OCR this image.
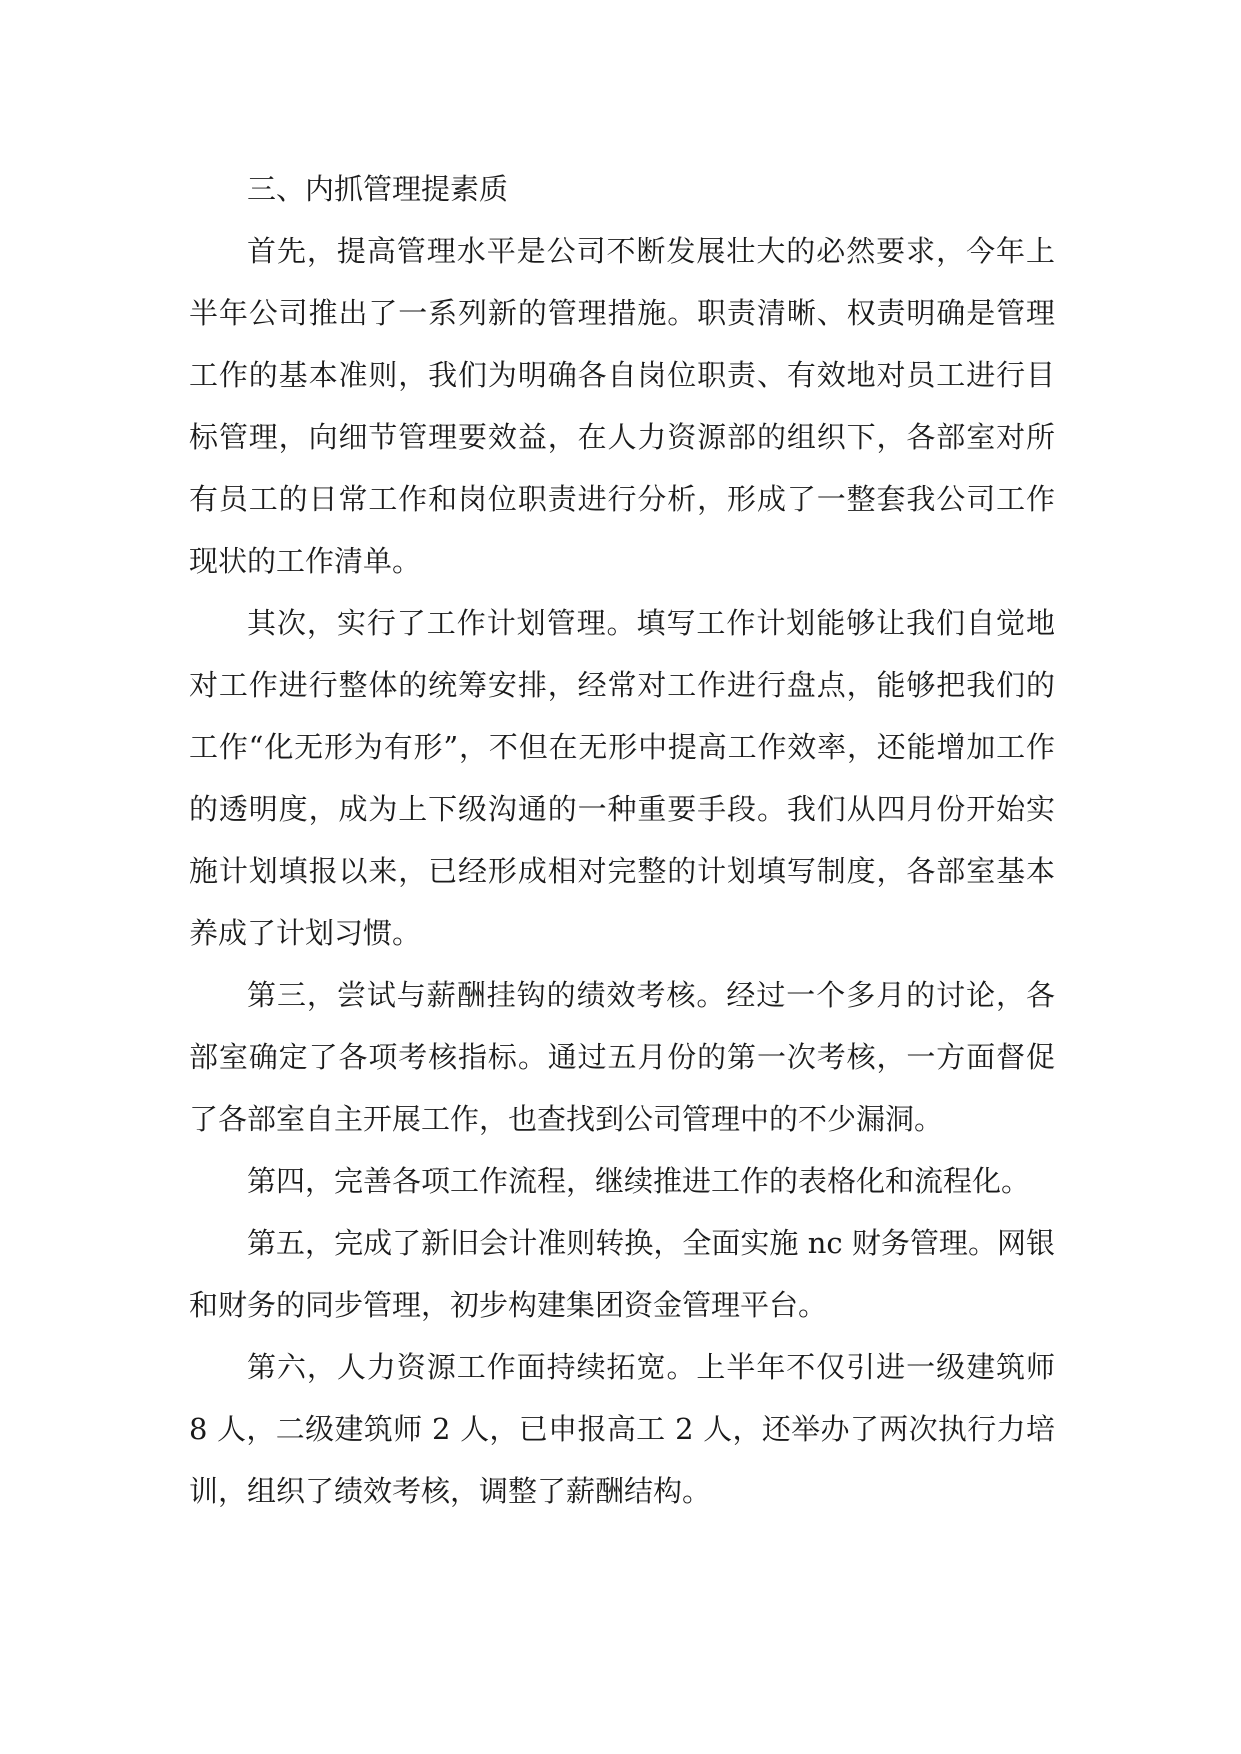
三、内抓管理提素质

首先，提高管理水平是公司不断发展壮大的必然要求，今年上半年公司推出了一系列新的管理措施。职责清晰、权责明确是管理工作的基本准则，我们为明确各自岗位职责、有效地对员工进行目标管理，向细节管理要效益，在人力资源部的组织下，各部室对所有员工的日常工作和岗位职责进行分析，形成了一整套我公司工作现状的工作清单。

其次，实行了工作计划管理。填写工作计划能够让我们自觉地对工作进行整体的统筹安排，经常对工作进行盘点，能够把我们的工作“化无形为有形”，不但在无形中提高工作效率，还能增加工作的透明度，成为上下级沟通的一种重要手段。我们从四月份开始实施计划填报以来，已经形成相对完整的计划填写制度，各部室基本养成了计划习惯。

第三，尝试与薪酬挂钩的绩效考核。经过一个多月的讨论，各部室确定了各项考核指标。通过五月份的第一次考核，一方面督促了各部室自主开展工作，也查找到公司管理中的不少漏洞。

第四，完善各项工作流程，继续推进工作的表格化和流程化。

第五，完成了新旧会计准则转换，全面实施 nc 财务管理。网银和财务的同步管理，初步构建集团资金管理平台。

第六，人力资源工作面持续拓宽。上半年不仅引进一级建筑师 8 人，二级建筑师 2 人，已申报高工 2 人，还举办了两次执行力培训，组织了绩效考核，调整了薪酬结构。
